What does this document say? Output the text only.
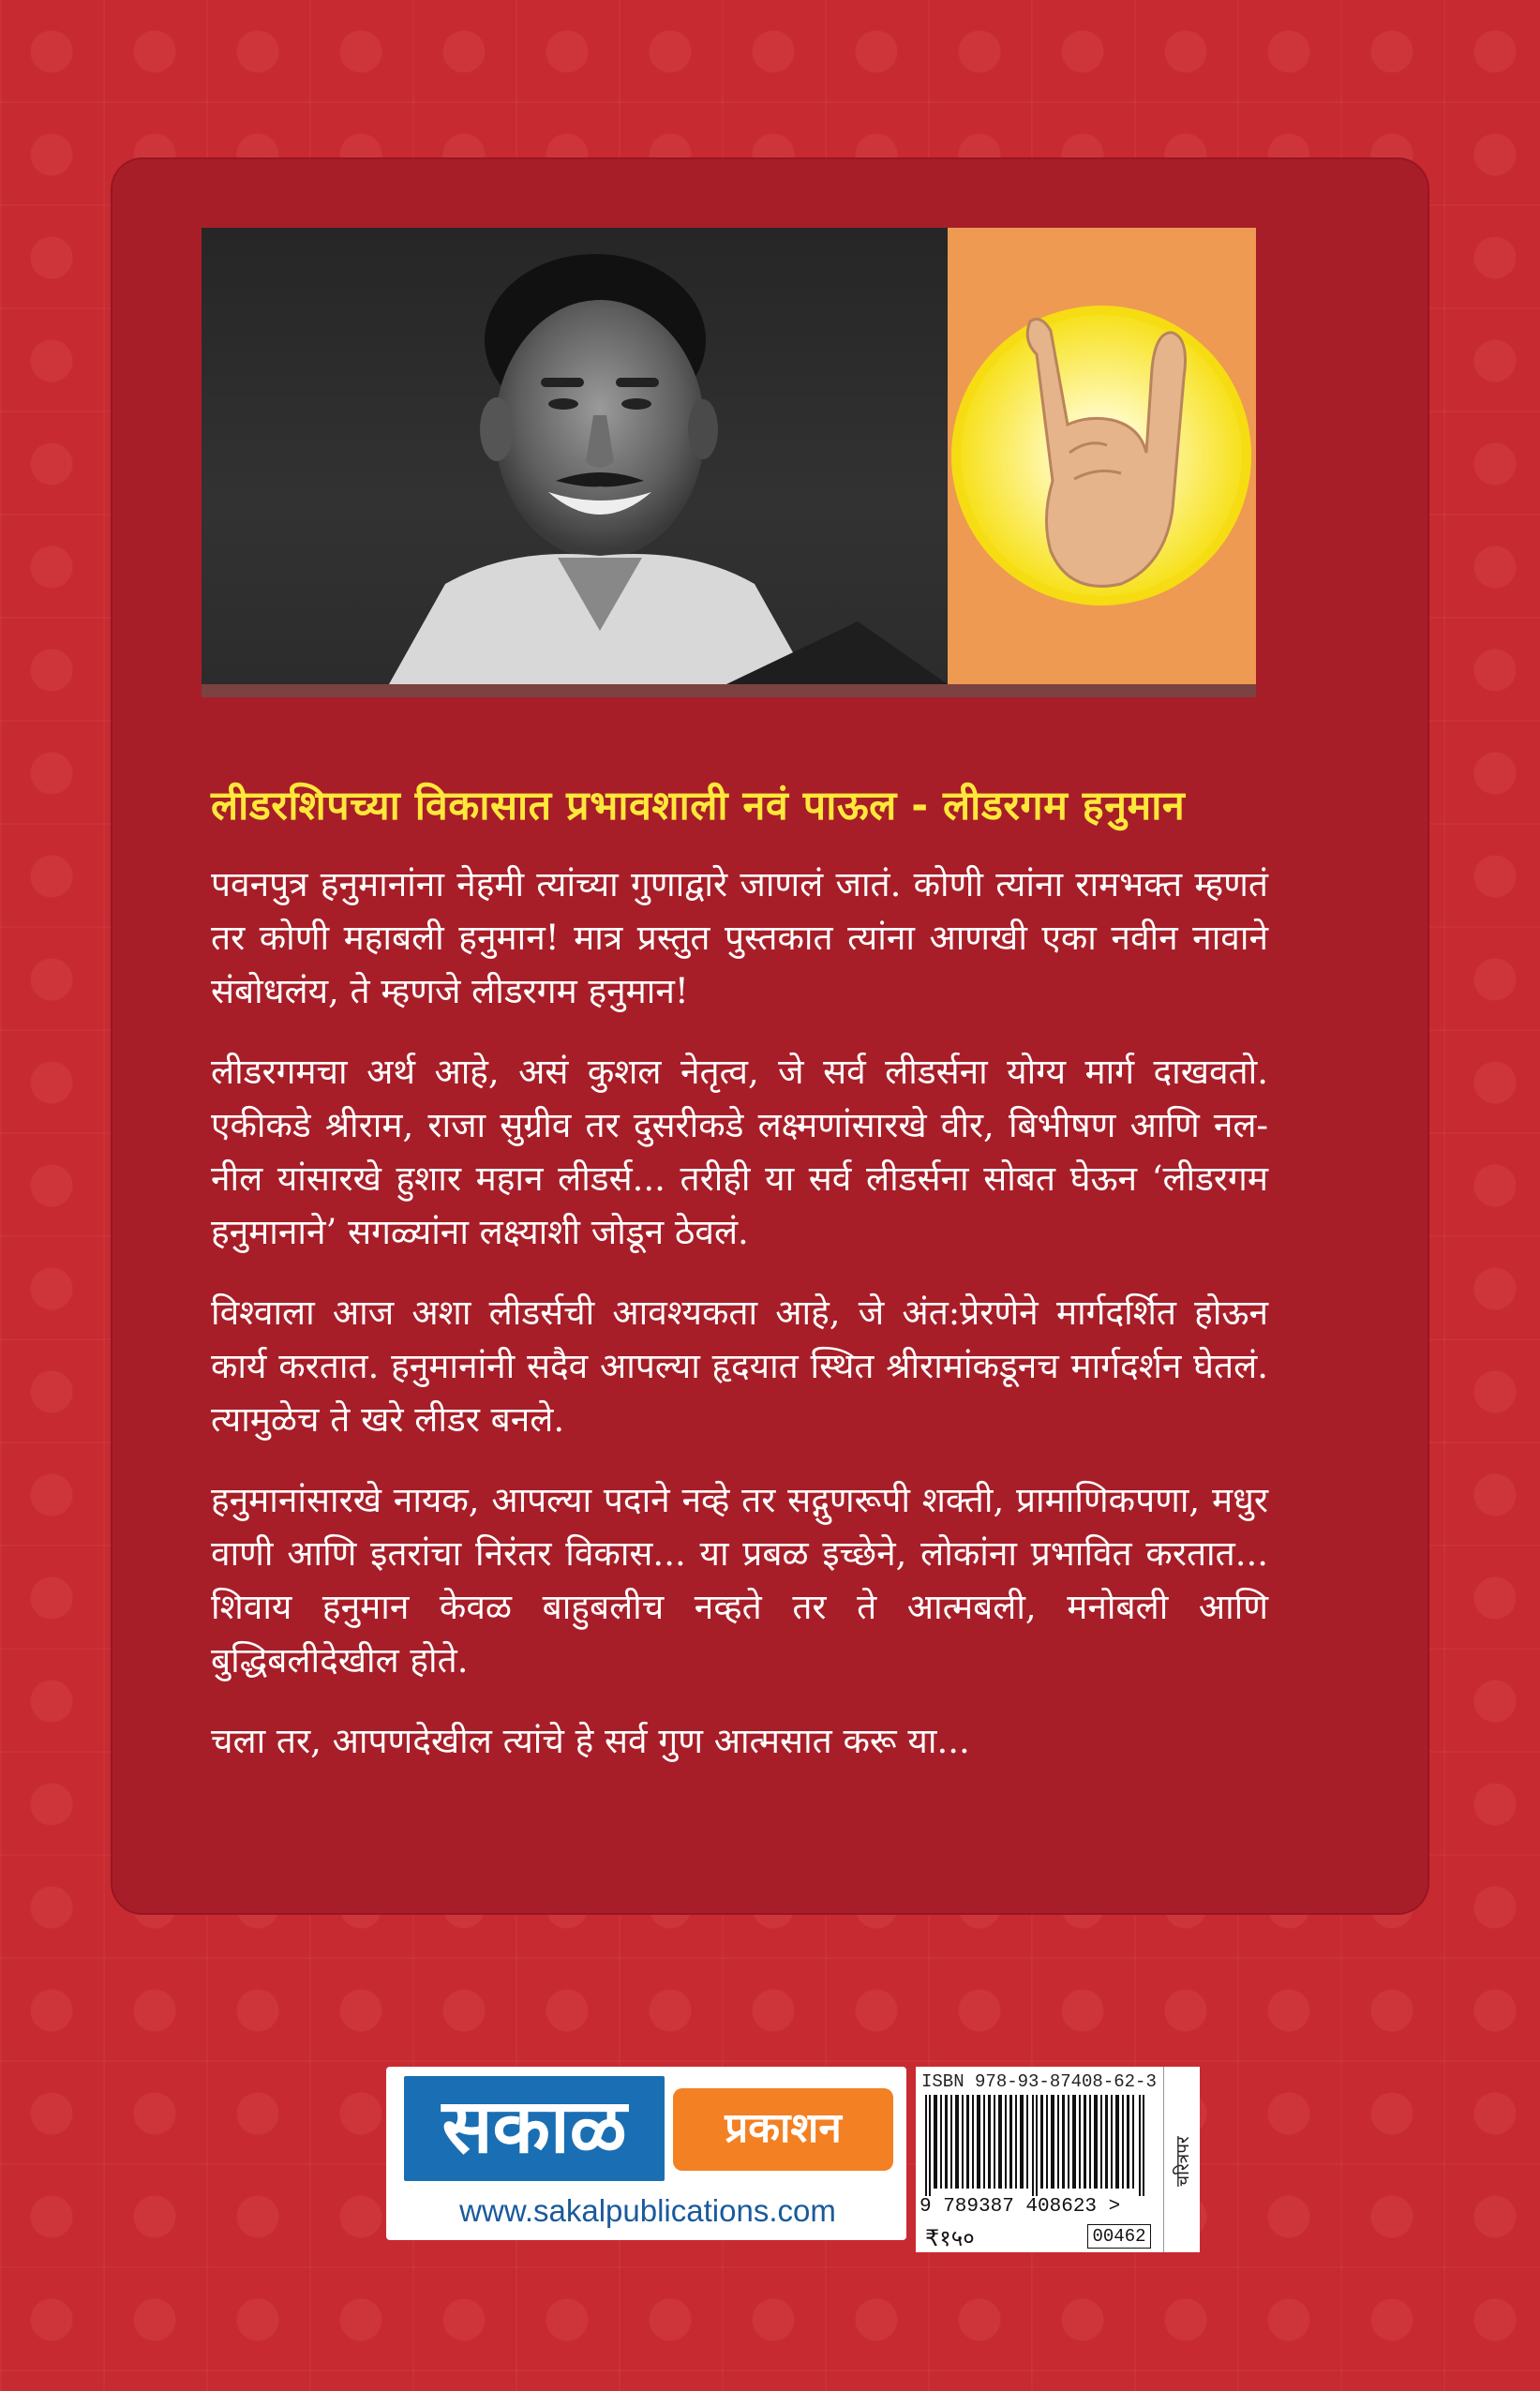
लीडरशिपच्या विकासात प्रभावशाली नवं पाऊल - लीडरगम हनुमान

पवनपुत्र हनुमानांना नेहमी त्यांच्या गुणाद्वारे जाणलं जातं. कोणी त्यांना रामभक्त म्हणतं तर कोणी महाबली हनुमान! मात्र प्रस्तुत पुस्तकात त्यांना आणखी एका नवीन नावाने संबोधलंय, ते म्हणजे लीडरगम हनुमान!

लीडरगमचा अर्थ आहे, असं कुशल नेतृत्व, जे सर्व लीडर्सना योग्य मार्ग दाखवतो. एकीकडे श्रीराम, राजा सुग्रीव तर दुसरीकडे लक्ष्मणांसारखे वीर, बिभीषण आणि नल-नील यांसारखे हुशार महान लीडर्स... तरीही या सर्व लीडर्सना सोबत घेऊन ‘लीडरगम हनुमानाने’ सगळ्यांना लक्ष्याशी जोडून ठेवलं.

विश्वाला आज अशा लीडर्सची आवश्यकता आहे, जे अंत:प्रेरणेने मार्गदर्शित होऊन कार्य करतात. हनुमानांनी सदैव आपल्या हृदयात स्थित श्रीरामांकडूनच मार्गदर्शन घेतलं. त्यामुळेच ते खरे लीडर बनले.

हनुमानांसारखे नायक, आपल्या पदाने नव्हे तर सद्गुणरूपी शक्ती, प्रामाणिकपणा, मधुर वाणी आणि इतरांचा निरंतर विकास... या प्रबळ इच्छेने, लोकांना प्रभावित करतात... शिवाय हनुमान केवळ बाहुबलीच नव्हते तर ते आत्मबली, मनोबली आणि बुद्धिबलीदेखील होते.

चला तर, आपणदेखील त्यांचे हे सर्व गुण आत्मसात करू या...

सकाळ	प्रकाशन
www.sakalpublications.com
ISBN 978-93-87408-62-3
9 789387 408623 >
₹१५०	00462
चरित्रपर
